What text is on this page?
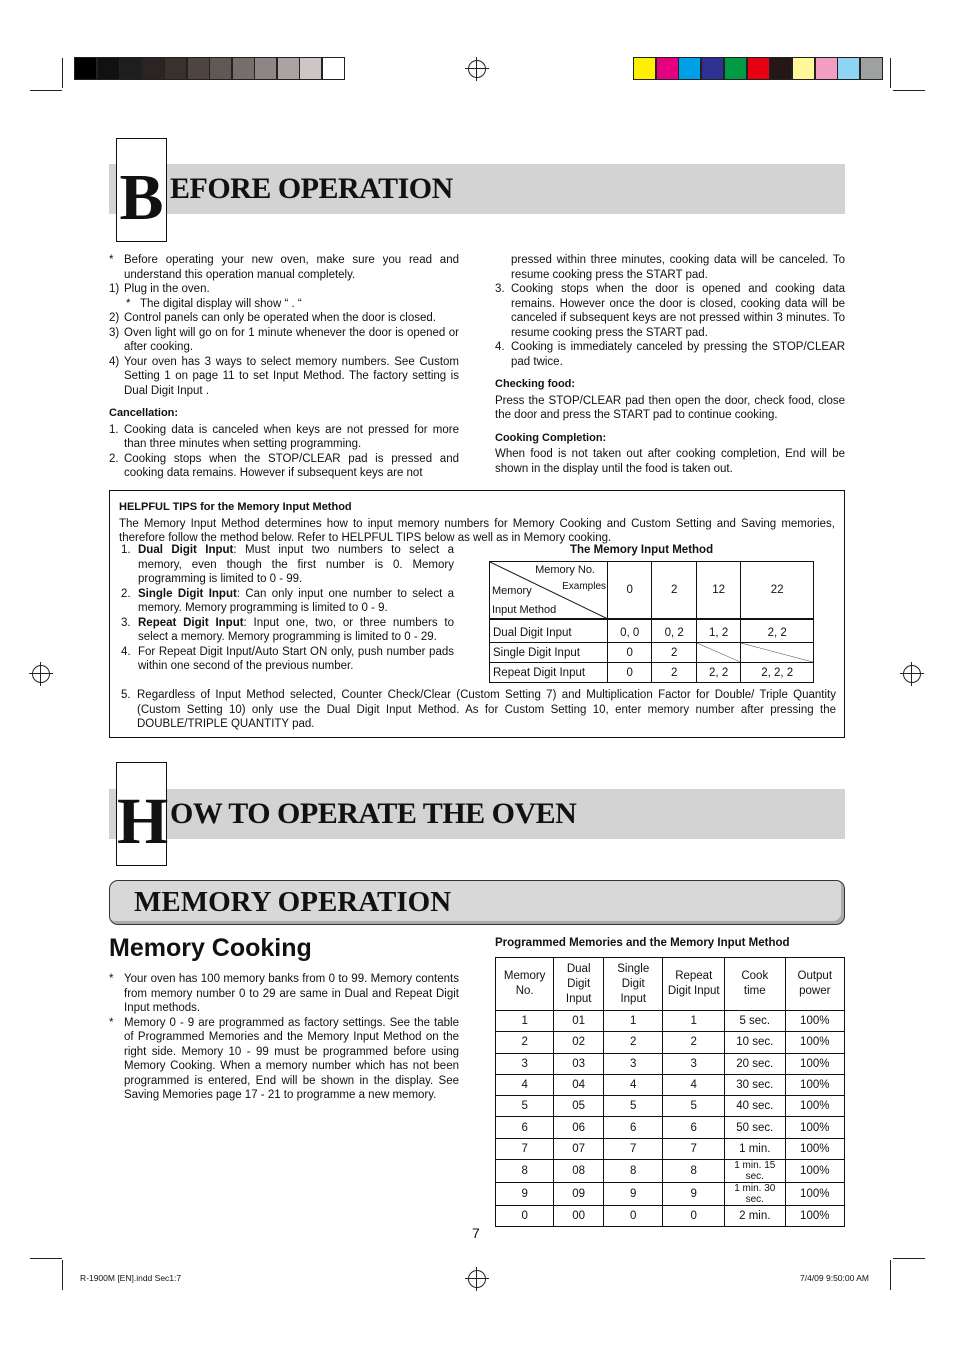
B EFORE OPERATION
* Before operating your new oven, make sure you read and understand this operation manual completely.
1) Plug in the oven.
* The digital display will show “ . “
2) Control panels can only be operated when the door is closed.
3) Oven light will go on for 1 minute whenever the door is opened or after cooking.
4) Your oven has 3 ways to select memory numbers. See Custom Setting 1 on page 11 to set Input Method. The factory setting is Dual Digit Input .
Cancellation:
1. Cooking data is canceled when keys are not pressed for more than three minutes when setting programming.
2. Cooking stops when the STOP/CLEAR pad is pressed and cooking data remains. However if subsequent keys are not
pressed within three minutes, cooking data will be canceled. To resume cooking press the START pad.
3. Cooking stops when the door is opened and cooking data remains. However once the door is closed, cooking data will be canceled if subsequent keys are not pressed within 3 minutes. To resume cooking press the START pad.
4. Cooking is immediately canceled by pressing the STOP/CLEAR pad twice.
Checking food:

Press the STOP/CLEAR pad then open the door, check food, close the door and press the START pad to continue cooking.

Cooking Completion:

When food is not taken out after cooking completion, End will be shown in the display until the food is taken out.

HELPFUL TIPS for the Memory Input Method

The Memory Input Method determines how to input memory numbers for Memory Cooking and Custom Setting and Saving memories, therefore follow the method below. Refer to HELPFUL TIPS below as well as in Memory cooking.

1. Dual Digit Input: Must input two numbers to select a memory, even though the first number is 0. Memory programming is limited to 0 - 99.
2. Single Digit Input: Can only input one number to select a memory. Memory programming is limited to 0 - 9.
3. Repeat Digit Input: Input one, two, or three numbers to select a memory. Memory programming is limited to 0 - 29.
4. For Repeat Digit Input/Auto Start ON only, push number pads within one second of the previous number.
5. Regardless of Input Method selected, Counter Check/Clear (Custom Setting 7) and Multiplication Factor for Double/ Triple Quantity (Custom Setting 10) only use the Dual Digit Input Method. As for Custom Setting 10, enter memory number after pressing the DOUBLE/TRIPLE QUANTITY pad.
The Memory Input Method
Memory No.
Examples
Memory
Input Method	0	2	12	22
Dual Digit Input	0, 0	0, 2	1, 2	2, 2
Single Digit Input	0	2	

Repeat Digit Input	0	2	2, 2	2, 2, 2
H OW TO OPERATE THE OVEN
MEMORY OPERATION
Memory Cooking
* Your oven has 100 memory banks from 0 to 99. Memory contents from memory number 0 to 29 are same in Dual and Repeat Digit Input methods.
* Memory 0 - 9 are programmed as factory settings. See the table of Programmed Memories and the Memory Input Method on the right side. Memory 10 - 99 must be programmed before using Memory Cooking. When a memory number which has not been programmed is entered, End will be shown in the display. See Saving Memories page 17 - 21 to programme a new memory.
Programmed Memories and the Memory Input Method
Memory No.	Dual Digit Input	Single Digit Input	Repeat Digit Input	Cook time	Output power
1	01	1	1	5 sec.	100%
2	02	2	2	10 sec.	100%
3	03	3	3	20 sec.	100%
4	04	4	4	30 sec.	100%
5	05	5	5	40 sec.	100%
6	06	6	6	50 sec.	100%
7	07	7	7	1 min.	100%
8	08	8	8	1 min. 15 sec.	100%
9	09	9	9	1 min. 30 sec.	100%
0	00	0	0	2 min.	100%
7
R-1900M [EN].indd Sec1:7	7/4/09 9:50:00 AM
